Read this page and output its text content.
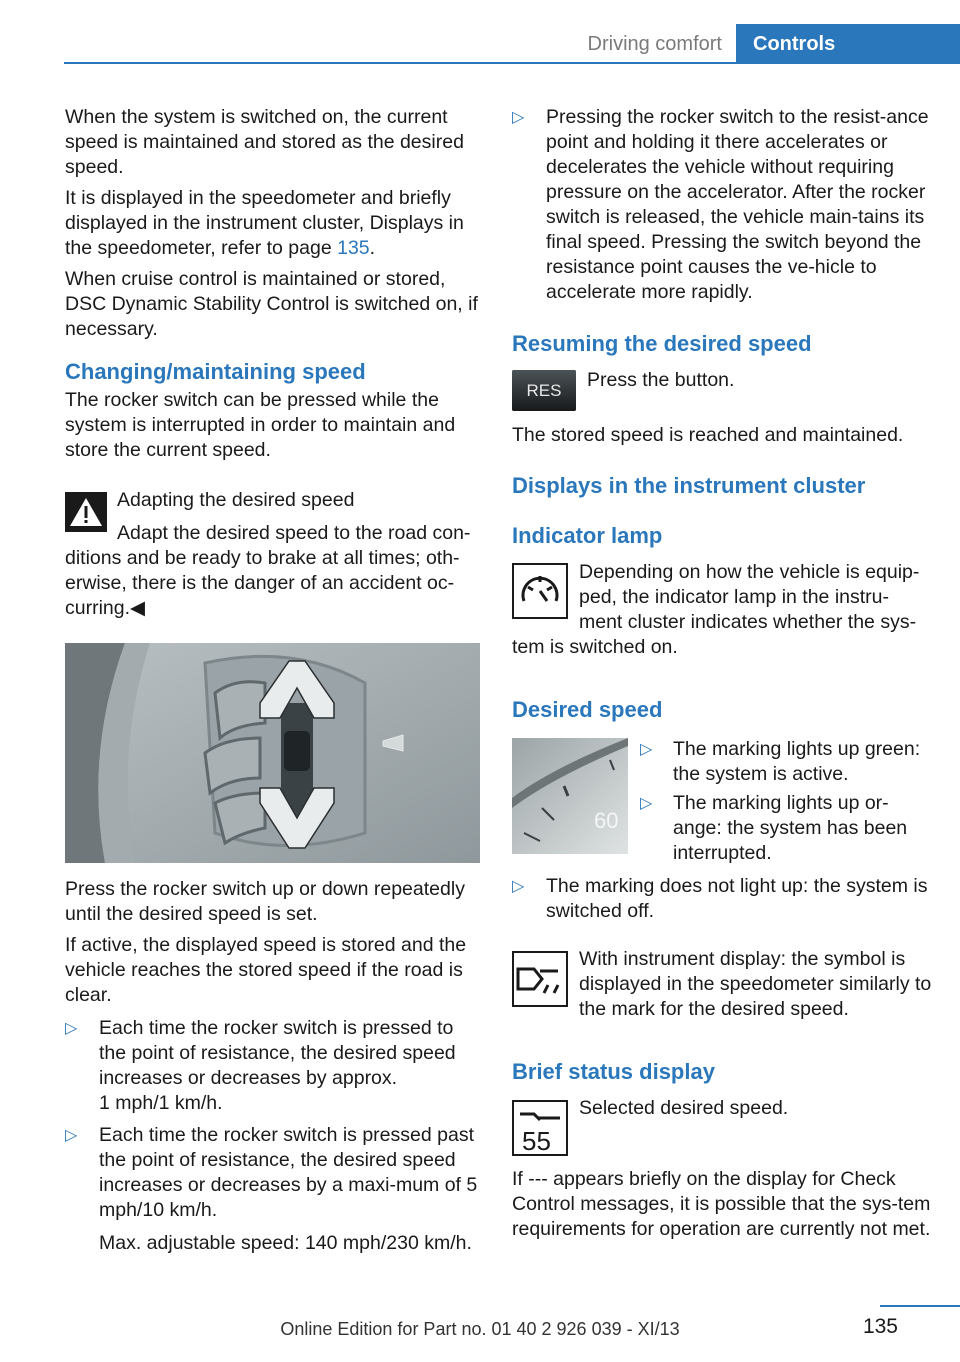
Driving comfort	Controls

When the system is switched on, the current speed is maintained and stored as the desired speed.

It is displayed in the speedometer and briefly displayed in the instrument cluster, Displays in the speedometer, refer to page 135.

When cruise control is maintained or stored, DSC Dynamic Stability Control is switched on, if necessary.

Changing/maintaining speed

The rocker switch can be pressed while the system is interrupted in order to maintain and store the current speed.

Adapting the desired speed

Adapt the desired speed to the road con-

ditions and be ready to brake at all times; oth-

erwise, there is the danger of an accident oc-

curring.◀

Press the rocker switch up or down repeatedly until the desired speed is set.

If active, the displayed speed is stored and the vehicle reaches the stored speed if the road is clear.

▷ Each time the rocker switch is pressed to the point of resistance, the desired speed increases or decreases by approx.

1 mph/1 km/h.

▷ Each time the rocker switch is pressed past the point of resistance, the desired speed increases or decreases by a maxi-mum of 5 mph/10 km/h.

Max. adjustable speed: 140 mph/230 km/h.

▷ Pressing the rocker switch to the resist-ance point and holding it there accelerates or decelerates the vehicle without requiring pressure on the accelerator. After the rocker switch is released, the vehicle main-tains its final speed. Pressing the switch beyond the resistance point causes the ve-hicle to accelerate more rapidly.

Resuming the desired speed
RES	Press the button.

The stored speed is reached and maintained.

Displays in the instrument cluster
Indicator lamp

Depending on how the vehicle is equip-

ped, the indicator lamp in the instru-

ment cluster indicates whether the sys-

tem is switched on.

Desired speed
60
▷ The marking lights up green: the system is active.

▷ The marking lights up or-ange: the system has been interrupted.

▷ The marking does not light up: the system is switched off.

With instrument display: the symbol is displayed in the speedometer similarly to the mark for the desired speed.

Brief status display
55

Selected desired speed.

If --- appears briefly on the display for Check Control messages, it is possible that the sys-tem requirements for operation are currently not met.

135
Online Edition for Part no. 01 40 2 926 039 - XI/13
